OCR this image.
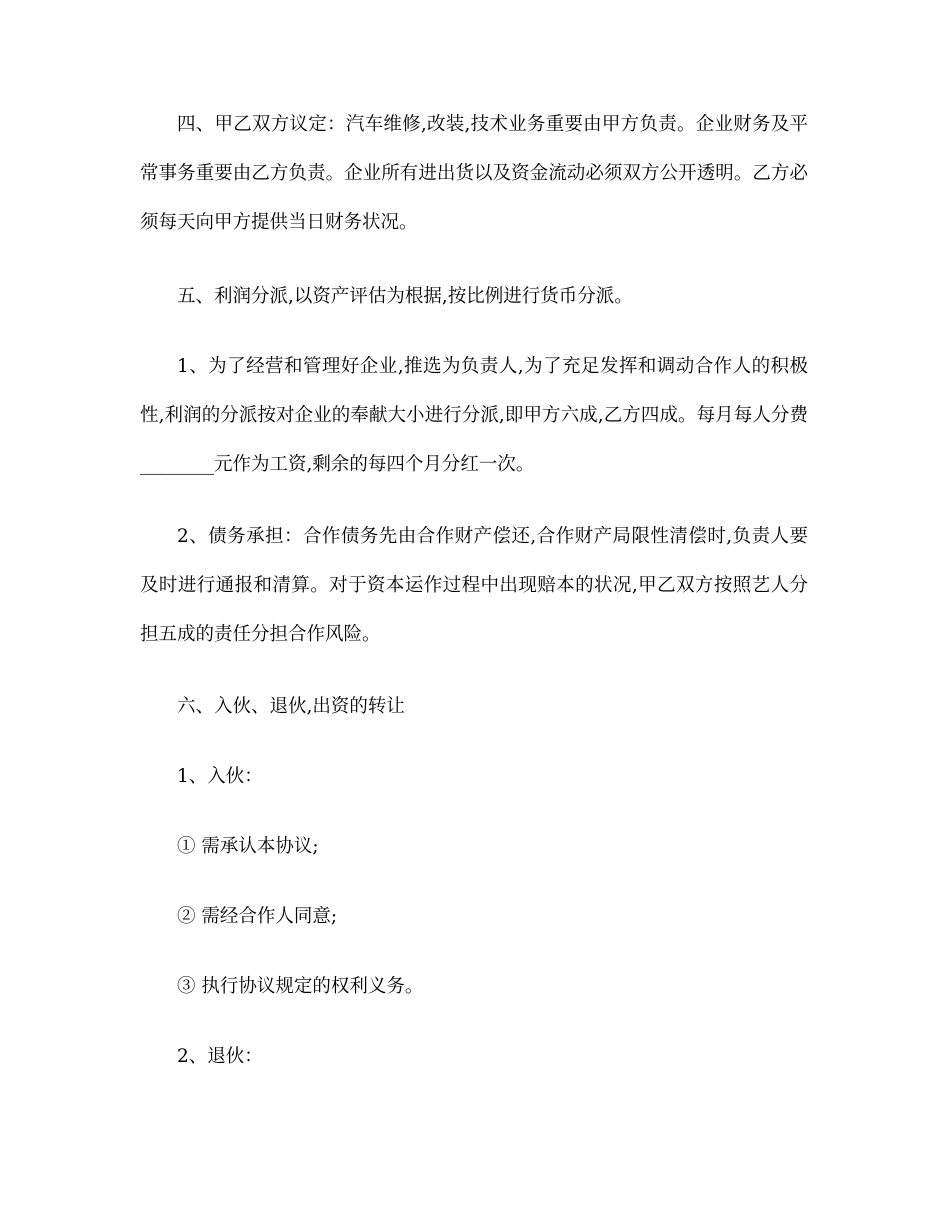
四、甲乙双方议定：汽车维修,改装,技术业务重要由甲方负责。企业财务及平常事务重要由乙方负责。企业所有进出货以及资金流动必须双方公开透明。乙方必须每天向甲方提供当日财务状况。

五、利润分派,以资产评估为根据,按比例进行货币分派。

1、为了经营和管理好企业,推选为负责人,为了充足发挥和调动合作人的积极性,利润的分派按对企业的奉献大小进行分派,即甲方六成,乙方四成。每月每人分费________元作为工资,剩余的每四个月分红一次。

2、债务承担：合作债务先由合作财产偿还,合作财产局限性清偿时,负责人要及时进行通报和清算。对于资本运作过程中出现赔本的状况,甲乙双方按照艺人分担五成的责任分担合作风险。

六、入伙、退伙,出资的转让

1、入伙：

① 需承认本协议;

② 需经合作人同意;

③ 执行协议规定的权利义务。

2、退伙：
